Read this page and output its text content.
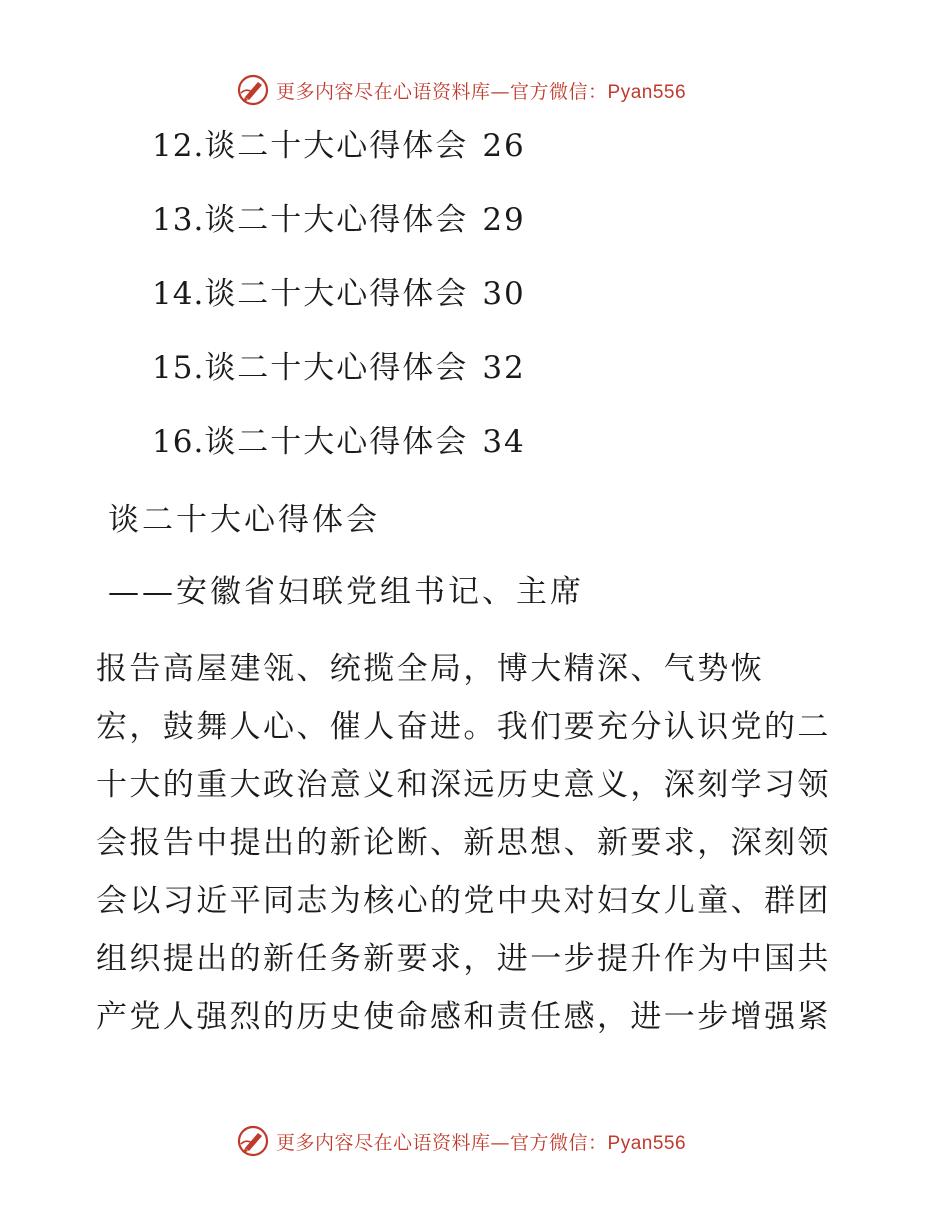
更多内容尽在心语资料库—官方微信：Pyan556
12.谈二十大心得体会 26
13.谈二十大心得体会 29
14.谈二十大心得体会 30
15.谈二十大心得体会 32
16.谈二十大心得体会 34
谈二十大心得体会
——安徽省妇联党组书记、主席
报告高屋建瓴、统揽全局，博大精深、气势恢
宏，鼓舞人心、催人奋进。我们要充分认识党的二
十大的重大政治意义和深远历史意义，深刻学习领
会报告中提出的新论断、新思想、新要求，深刻领
会以习近平同志为核心的党中央对妇女儿童、群团
组织提出的新任务新要求，进一步提升作为中国共
产党人强烈的历史使命感和责任感，进一步增强紧
更多内容尽在心语资料库—官方微信：Pyan556
